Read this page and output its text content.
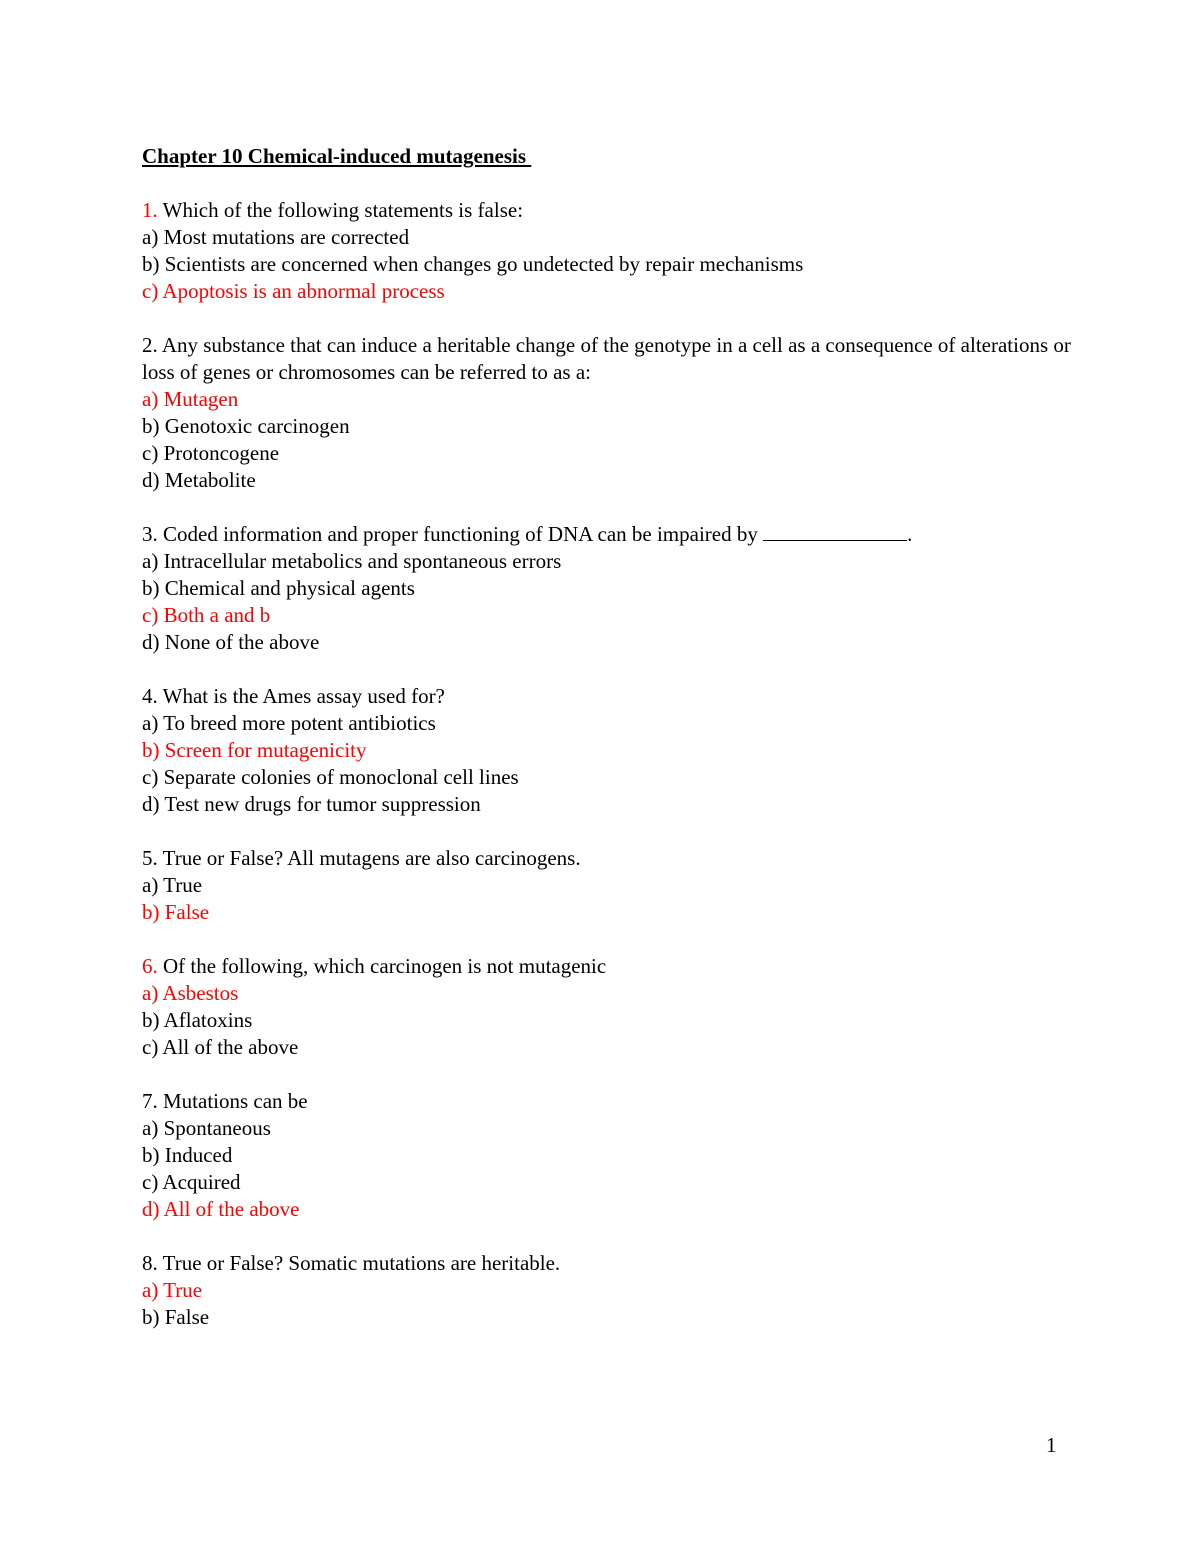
Chapter 10 Chemical-induced mutagenesis
1. Which of the following statements is false:
a) Most mutations are corrected
b) Scientists are concerned when changes go undetected by repair mechanisms
c) Apoptosis is an abnormal process
2. Any substance that can induce a heritable change of the genotype in a cell as a consequence of alterations or loss of genes or chromosomes can be referred to as a:
a) Mutagen
b) Genotoxic carcinogen
c) Protoncogene
d) Metabolite
3. Coded information and proper functioning of DNA can be impaired by	.
a) Intracellular metabolics and spontaneous errors
b) Chemical and physical agents
c) Both a and b
d) None of the above
4. What is the Ames assay used for?
a) To breed more potent antibiotics
b) Screen for mutagenicity
c) Separate colonies of monoclonal cell lines
d) Test new drugs for tumor suppression
5. True or False? All mutagens are also carcinogens.
a) True
b) False
6. Of the following, which carcinogen is not mutagenic
a) Asbestos
b) Aflatoxins
c) All of the above
7. Mutations can be
a) Spontaneous
b) Induced
c) Acquired
d) All of the above
8. True or False? Somatic mutations are heritable.
a) True
b) False
1
